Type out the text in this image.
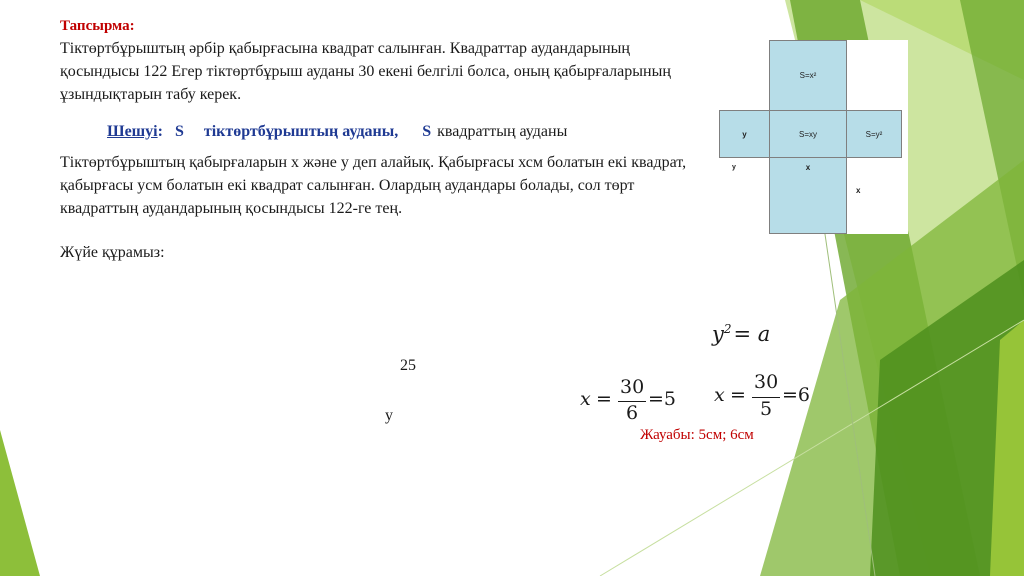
Тапсырма:
Тіктөртбұрыштың әрбір қабырғасына квадрат салынған. Квадраттар аудандарының қосындысы 122 Егер тіктөртбұрыш ауданы 30 екені белгілі болса, оның қабырғаларының ұзындықтарын табу керек.
Шешуі: S тіктөртбұрыштың ауданы, S квадраттың ауданы
Тіктөртбұрыштың қабырғаларын х және у деп алайық. Қабырғасы хсм болатын екі квадрат, қабырғасы усм болатын екі квадрат салынған. Олардың аудандары болады, сол төрт квадраттың аудандарының қосындысы 122-ге тең.
Жүйе құрамыз:
25
у
$y^2= a$
x =
30
6
=5 x =
30
5
=6
Жауабы: 5см; 6см
S=x²
у	S=xy	S=y²
x
у
x
